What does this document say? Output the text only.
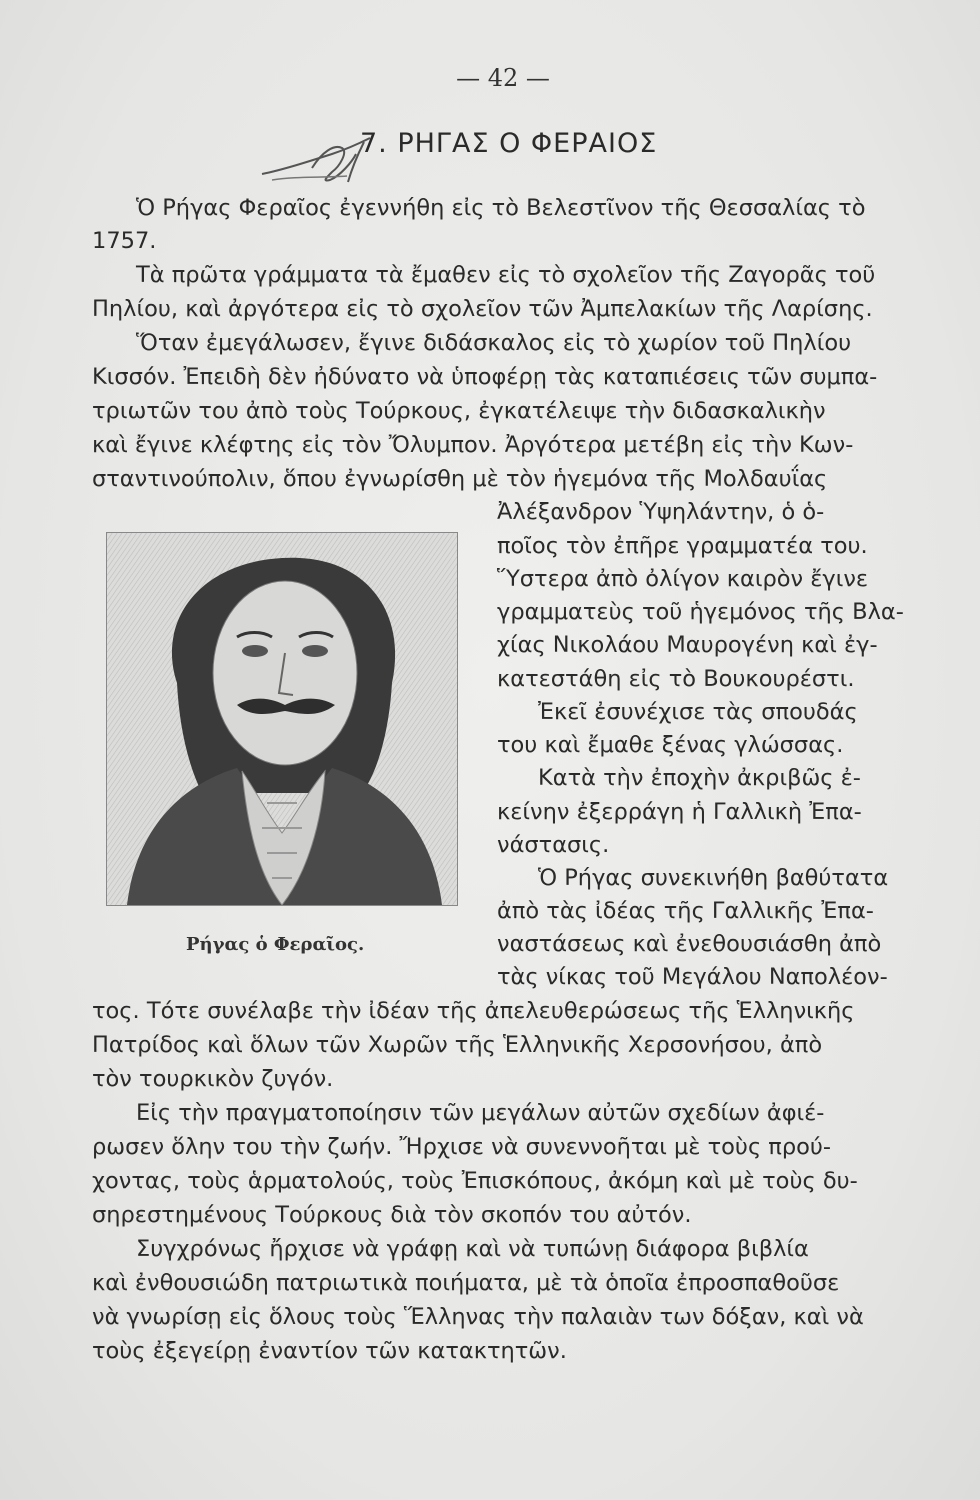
— 42 —
7. ΡΗΓΑΣ Ο ΦΕΡΑΙΟΣ
Ὁ Ρήγας Φεραῖος ἐγεννήθη εἰς τὸ Βελεστῖνον τῆς Θεσσαλίας τὸ
1757.
Τὰ πρῶτα γράμματα τὰ ἔμαθεν εἰς τὸ σχολεῖον τῆς Ζαγορᾶς τοῦ
Πηλίου, καὶ ἀργότερα εἰς τὸ σχολεῖον τῶν Ἀμπελακίων τῆς Λαρίσης.
Ὅταν ἐμεγάλωσεν, ἔγινε διδάσκαλος εἰς τὸ χωρίον τοῦ Πηλίου
Κισσόν. Ἐπειδὴ δὲν ἠδύνατο νὰ ὑποφέρῃ τὰς καταπιέσεις τῶν συμπα-
τριωτῶν του ἀπὸ τοὺς Τούρκους, ἐγκατέλειψε τὴν διδασκαλικὴν
καὶ ἔγινε κλέφτης εἰς τὸν Ὄλυμπον. Ἀργότερα μετέβη εἰς τὴν Κων-
σταντινούπολιν, ὅπου ἐγνωρίσθη μὲ τὸν ἡγεμόνα τῆς Μολδαυΐας
Ἀλέξανδρον Ὑψηλάντην, ὁ ὁ-
ποῖος τὸν ἐπῆρε γραμματέα του.
Ὕστερα ἀπὸ ὀλίγον καιρὸν ἔγινε
γραμματεὺς τοῦ ἡγεμόνος τῆς Βλα-
χίας Νικολάου Μαυρογένη καὶ ἐγ-
κατεστάθη εἰς τὸ Βουκουρέστι.
Ἐκεῖ ἐσυνέχισε τὰς σπουδάς
του καὶ ἔμαθε ξένας γλώσσας.
Κατὰ τὴν ἐποχὴν ἀκριβῶς ἐ-
κείνην ἐξερράγη ἡ Γαλλικὴ Ἐπα-
νάστασις.
Ὁ Ρήγας συνεκινήθη βαθύτατα
ἀπὸ τὰς ἰδέας τῆς Γαλλικῆς Ἐπα-
ναστάσεως καὶ ἐνεθουσιάσθη ἀπὸ
τὰς νίκας τοῦ Μεγάλου Ναπολέον-
τος. Τότε συνέλαβε τὴν ἰδέαν τῆς ἀπελευθερώσεως τῆς Ἑλληνικῆς
Πατρίδος καὶ ὅλων τῶν Χωρῶν τῆς Ἑλληνικῆς Χερσονήσου, ἀπὸ
τὸν τουρκικὸν ζυγόν.
Εἰς τὴν πραγματοποίησιν τῶν μεγάλων αὐτῶν σχεδίων ἀφιέ-
ρωσεν ὅλην του τὴν ζωήν. Ἤρχισε νὰ συνεννοῆται μὲ τοὺς πρού-
χοντας, τοὺς ἁρματολούς, τοὺς Ἐπισκόπους, ἀκόμη καὶ μὲ τοὺς δυ-
σηρεστημένους Τούρκους διὰ τὸν σκοπόν του αὐτόν.
Συγχρόνως ἤρχισε νὰ γράφῃ καὶ νὰ τυπώνῃ διάφορα βιβλία
καὶ ἐνθουσιώδη πατριωτικὰ ποιήματα, μὲ τὰ ὁποῖα ἐπροσπαθοῦσε
νὰ γνωρίσῃ εἰς ὅλους τοὺς Ἕλληνας τὴν παλαιὰν των δόξαν, καὶ νὰ
τοὺς ἐξεγείρῃ ἐναντίον τῶν κατακτητῶν.
Ρήγας ὁ Φεραῖος.
